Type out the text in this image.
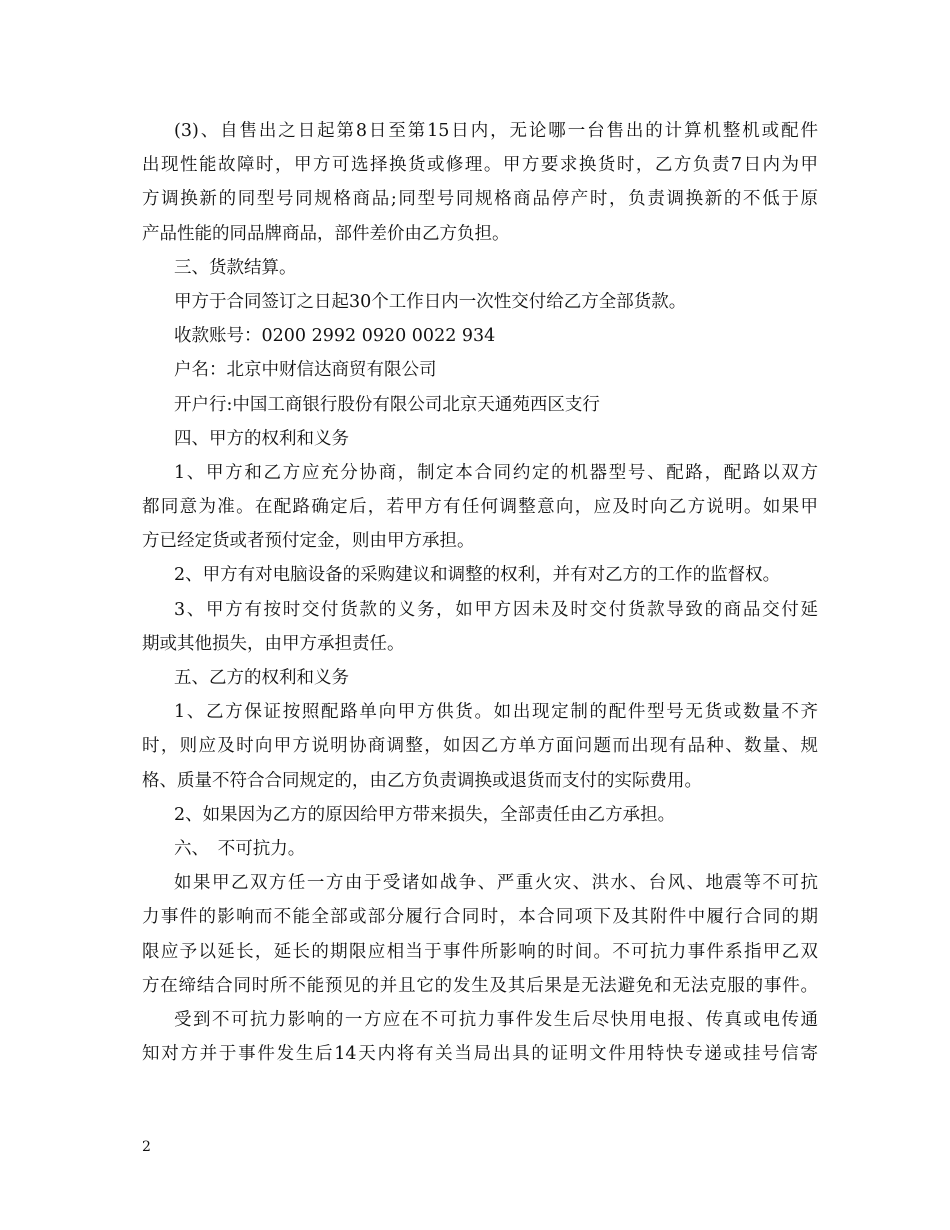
(3)、自售出之日起第8日至第15日内，无论哪一台售出的计算机整机或配件
出现性能故障时，甲方可选择换货或修理。甲方要求换货时，乙方负责7日内为甲
方调换新的同型号同规格商品;同型号同规格商品停产时，负责调换新的不低于原
产品性能的同品牌商品，部件差价由乙方负担。
三、货款结算。
甲方于合同签订之日起30个工作日内一次性交付给乙方全部货款。
收款账号：0200 2992 0920 0022 934
户名：北京中财信达商贸有限公司
开户行:中国工商银行股份有限公司北京天通苑西区支行
四、甲方的权利和义务
1、甲方和乙方应充分协商，制定本合同约定的机器型号、配路，配路以双方
都同意为准。在配路确定后，若甲方有任何调整意向，应及时向乙方说明。如果甲
方已经定货或者预付定金，则由甲方承担。
2、甲方有对电脑设备的采购建议和调整的权利，并有对乙方的工作的监督权。
3、甲方有按时交付货款的义务，如甲方因未及时交付货款导致的商品交付延
期或其他损失，由甲方承担责任。
五、乙方的权利和义务
1、乙方保证按照配路单向甲方供货。如出现定制的配件型号无货或数量不齐
时，则应及时向甲方说明协商调整，如因乙方单方面问题而出现有品种、数量、规
格、质量不符合合同规定的，由乙方负责调换或退货而支付的实际费用。
2、如果因为乙方的原因给甲方带来损失，全部责任由乙方承担。
六、　不可抗力。
如果甲乙双方任一方由于受诸如战争、严重火灾、洪水、台风、地震等不可抗
力事件的影响而不能全部或部分履行合同时，本合同项下及其附件中履行合同的期
限应予以延长，延长的期限应相当于事件所影响的时间。不可抗力事件系指甲乙双
方在缔结合同时所不能预见的并且它的发生及其后果是无法避免和无法克服的事件。
受到不可抗力影响的一方应在不可抗力事件发生后尽快用电报、传真或电传通
知对方并于事件发生后14天内将有关当局出具的证明文件用特快专递或挂号信寄
2
